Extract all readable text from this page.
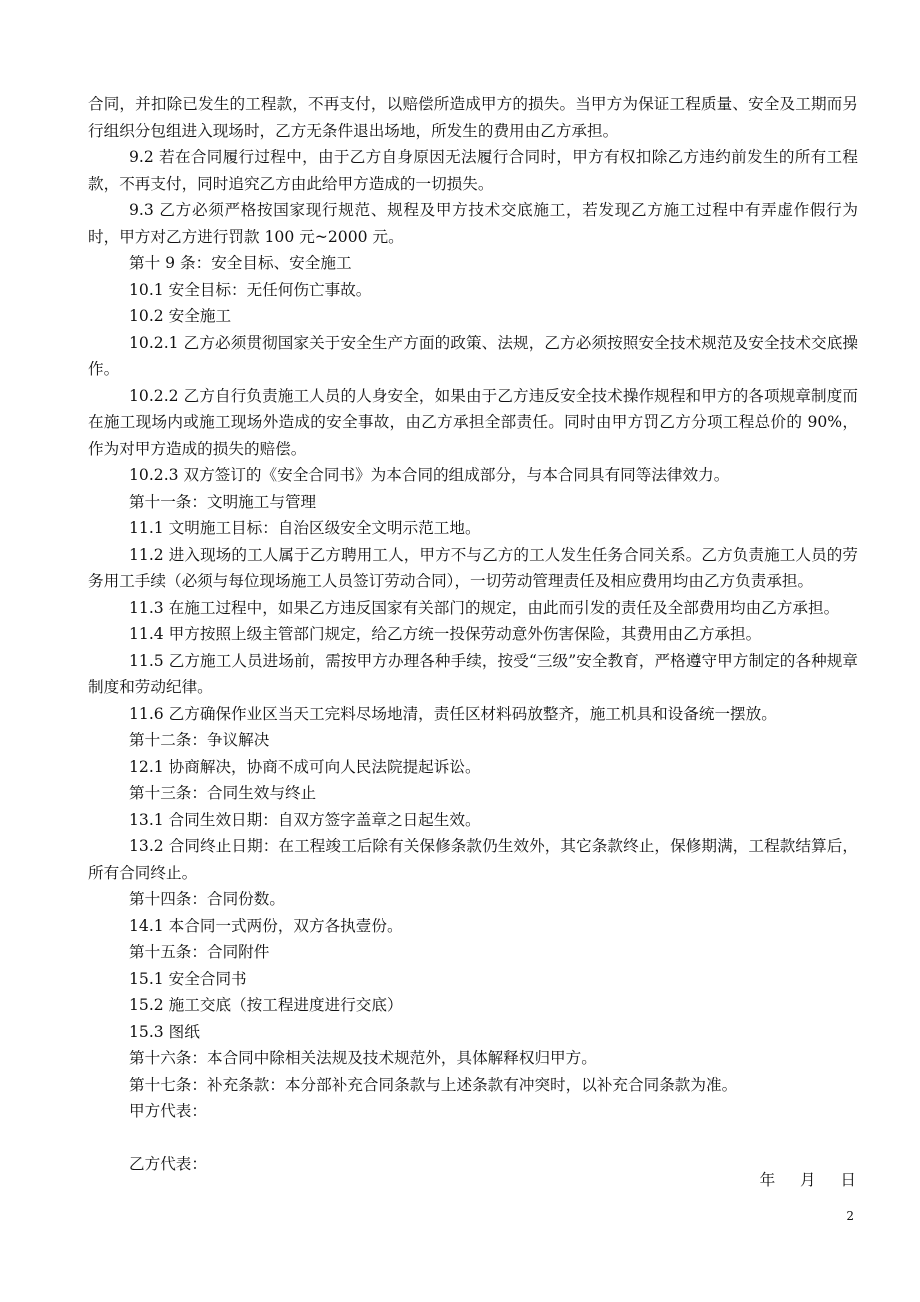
合同，并扣除已发生的工程款，不再支付，以赔偿所造成甲方的损失。当甲方为保证工程质量、安全及工期而另行组织分包组进入现场时，乙方无条件退出场地，所发生的费用由乙方承担。

9.2 若在合同履行过程中，由于乙方自身原因无法履行合同时，甲方有权扣除乙方违约前发生的所有工程款，不再支付，同时追究乙方由此给甲方造成的一切损失。

9.3 乙方必须严格按国家现行规范、规程及甲方技术交底施工，若发现乙方施工过程中有弄虚作假行为时，甲方对乙方进行罚款 100 元~2000 元。

第十 9 条：安全目标、安全施工

10.1 安全目标：无任何伤亡事故。

10.2 安全施工

10.2.1 乙方必须贯彻国家关于安全生产方面的政策、法规，乙方必须按照安全技术规范及安全技术交底操作。

10.2.2 乙方自行负责施工人员的人身安全，如果由于乙方违反安全技术操作规程和甲方的各项规章制度而在施工现场内或施工现场外造成的安全事故，由乙方承担全部责任。同时由甲方罚乙方分项工程总价的 90%，作为对甲方造成的损失的赔偿。

10.2.3 双方签订的《安全合同书》为本合同的组成部分，与本合同具有同等法律效力。

第十一条：文明施工与管理

11.1 文明施工目标：自治区级安全文明示范工地。

11.2 进入现场的工人属于乙方聘用工人，甲方不与乙方的工人发生任务合同关系。乙方负责施工人员的劳务用工手续（必须与每位现场施工人员签订劳动合同），一切劳动管理责任及相应费用均由乙方负责承担。

11.3 在施工过程中，如果乙方违反国家有关部门的规定，由此而引发的责任及全部费用均由乙方承担。

11.4 甲方按照上级主管部门规定，给乙方统一投保劳动意外伤害保险，其费用由乙方承担。

11.5 乙方施工人员进场前，需按甲方办理各种手续，按受“三级”安全教育，严格遵守甲方制定的各种规章制度和劳动纪律。

11.6 乙方确保作业区当天工完料尽场地清，责任区材料码放整齐，施工机具和设备统一摆放。

第十二条：争议解决

12.1 协商解决，协商不成可向人民法院提起诉讼。

第十三条：合同生效与终止

13.1 合同生效日期：自双方签字盖章之日起生效。

13.2 合同终止日期：在工程竣工后除有关保修条款仍生效外，其它条款终止，保修期满，工程款结算后，所有合同终止。

第十四条：合同份数。

14.1 本合同一式两份，双方各执壹份。

第十五条：合同附件

15.1 安全合同书

15.2 施工交底（按工程进度进行交底）

15.3 图纸

第十六条：本合同中除相关法规及技术规范外，具体解释权归甲方。

第十七条：补充条款：本分部补充合同条款与上述条款有冲突时，以补充合同条款为准。

甲方代表：

乙方代表：

年     月     日
2
